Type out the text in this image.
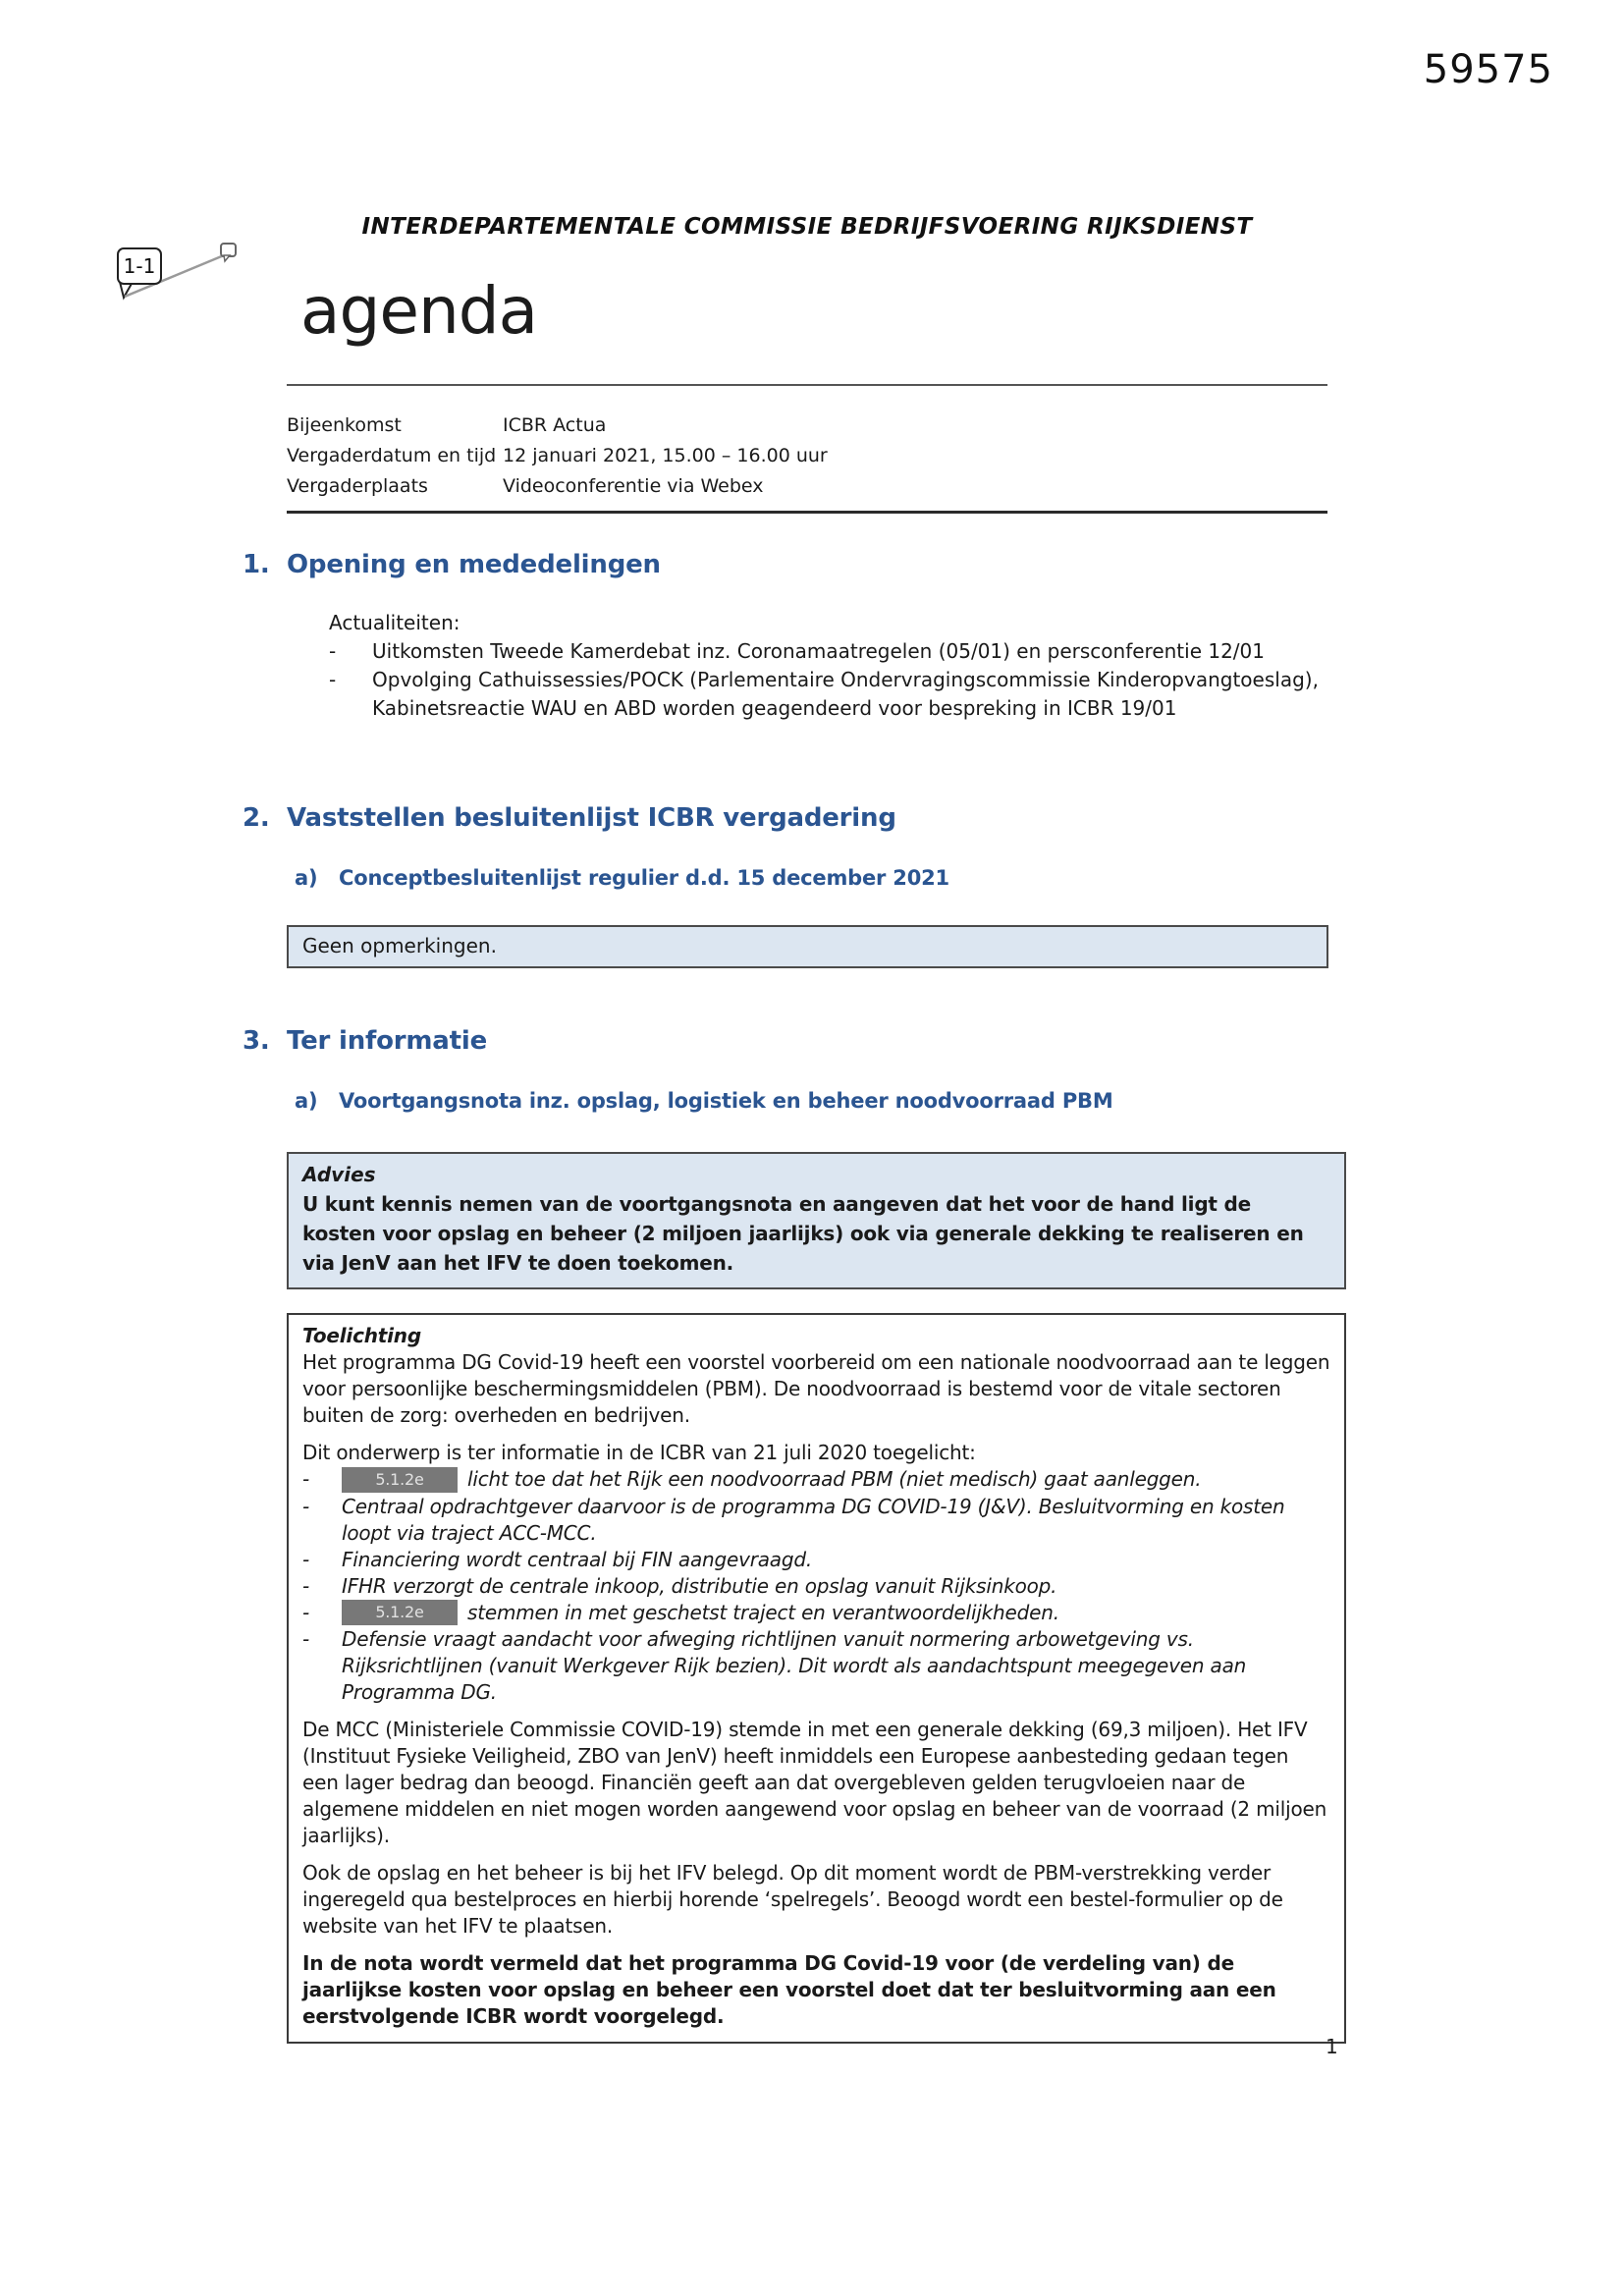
59575
INTERDEPARTEMENTALE COMMISSIE BEDRIJFSVOERING RIJKSDIENST
1-1
agenda
Bijeenkomst	ICBR Actua
Vergaderdatum en tijd 12 januari 2021, 15.00 – 16.00 uur
Vergaderplaats	Videoconferentie via Webex
1. Opening en mededelingen
Actualiteiten:
-	Uitkomsten Tweede Kamerdebat inz. Coronamaatregelen (05/01) en persconferentie 12/01
-	Opvolging Cathuissessies/POCK (Parlementaire Ondervragingscommissie Kinderopvangtoeslag), Kabinetsreactie WAU en ABD worden geagendeerd voor bespreking in ICBR 19/01
2. Vaststellen besluitenlijst ICBR vergadering
a)	Conceptbesluitenlijst regulier d.d. 15 december 2021
Geen opmerkingen.
3. Ter informatie
a)	Voortgangsnota inz. opslag, logistiek en beheer noodvoorraad PBM
Advies
U kunt kennis nemen van de voortgangsnota en aangeven dat het voor de hand ligt de kosten voor opslag en beheer (2 miljoen jaarlijks) ook via generale dekking te realiseren en via JenV aan het IFV te doen toekomen.
Toelichting
Het programma DG Covid-19 heeft een voorstel voorbereid om een nationale noodvoorraad aan te leggen voor persoonlijke beschermingsmiddelen (PBM). De noodvoorraad is bestemd voor de vitale sectoren buiten de zorg: overheden en bedrijven.
Dit onderwerp is ter informatie in de ICBR van 21 juli 2020 toegelicht:
-	5.1.2e licht toe dat het Rijk een noodvoorraad PBM (niet medisch) gaat aanleggen.
-	Centraal opdrachtgever daarvoor is de programma DG COVID-19 (J&V). Besluitvorming en kosten loopt via traject ACC-MCC.
-	Financiering wordt centraal bij FIN aangevraagd.
-	IFHR verzorgt de centrale inkoop, distributie en opslag vanuit Rijksinkoop.
-	5.1.2e stemmen in met geschetst traject en verantwoordelijkheden.
-	Defensie vraagt aandacht voor afweging richtlijnen vanuit normering arbowetgeving vs. Rijksrichtlijnen (vanuit Werkgever Rijk bezien). Dit wordt als aandachtspunt meegegeven aan Programma DG.
De MCC (Ministeriele Commissie COVID-19) stemde in met een generale dekking (69,3 miljoen). Het IFV (Instituut Fysieke Veiligheid, ZBO van JenV) heeft inmiddels een Europese aanbesteding gedaan tegen een lager bedrag dan beoogd. Financiën geeft aan dat overgebleven gelden terugvloeien naar de algemene middelen en niet mogen worden aangewend voor opslag en beheer van de voorraad (2 miljoen jaarlijks).
Ook de opslag en het beheer is bij het IFV belegd. Op dit moment wordt de PBM-verstrekking verder ingeregeld qua bestelproces en hierbij horende ‘spelregels’. Beoogd wordt een bestel-formulier op de website van het IFV te plaatsen.
In de nota wordt vermeld dat het programma DG Covid-19 voor (de verdeling van) de jaarlijkse kosten voor opslag en beheer een voorstel doet dat ter besluitvorming aan een eerstvolgende ICBR wordt voorgelegd.
1
